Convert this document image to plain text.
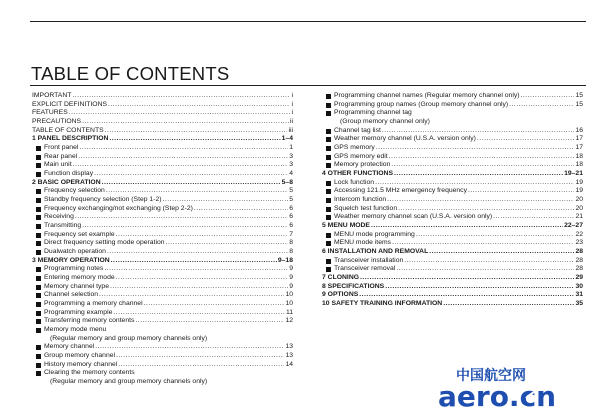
TABLE OF CONTENTS
IMPORTANT .....	i
EXPLICIT DEFINITIONS .....	i
FEATURES .....	i
PRECAUTIONS .....	ii
TABLE OF CONTENTS .....	iii
1 PANEL DESCRIPTION .....	1–4
Front panel .....	1
Rear panel .....	3
Main unit .....	3
Function display .....	4
2 BASIC OPERATION .....	5–8
Frequency selection .....	5
Standby frequency selection (Step 1-2) .....	5
Frequency exchanging/not exchanging (Step 2-2) .....	6
Receiving .....	6
Transmitting .....	6
Frequency set example .....	7
Direct frequency setting mode operation .....	8
Dualwatch operation .....	8
3 MEMORY OPERATION .....	9–18
Programming notes .....	9
Entering memory mode .....	9
Memory channel type .....	9
Channel selection .....	10
Programming a memory channel .....	10
Programming example .....	11
Transferring memory contents .....	12
Memory mode menu
(Regular memory and group memory channels only)
Memory channel .....	13
Group memory channel .....	13
History memory channel .....	14
Clearing the memory contents
(Regular memory and group memory channels only)
Programming channel names (Regular memory channel only) .....	15
Programming group names (Group memory channel only) .....	15
Programming channel tag
(Group memory channel only)
Channel tag list .....	16
Weather memory channel (U.S.A. version only) .....	17
GPS memory .....	17
GPS memory edit .....	18
Memory protection .....	18
4 OTHER FUNCTIONS .....	19–21
Lock function .....	19
Accessing 121.5 MHz emergency frequency .....	19
Intercom function .....	20
Squelch test function .....	20
Weather memory channel scan (U.S.A. version only) .....	21
5 MENU MODE .....	22–27
MENU mode programming .....	22
MENU mode items .....	23
6 INSTALLATION AND REMOVAL .....	28
Transceiver installation .....	28
Transceiver removal .....	28
7 CLONING .....	29
8 SPECIFICATIONS .....	30
9 OPTIONS .....	31
10 SAFETY TRAINING INFORMATION .....	35
中国航空网
aero.cn
